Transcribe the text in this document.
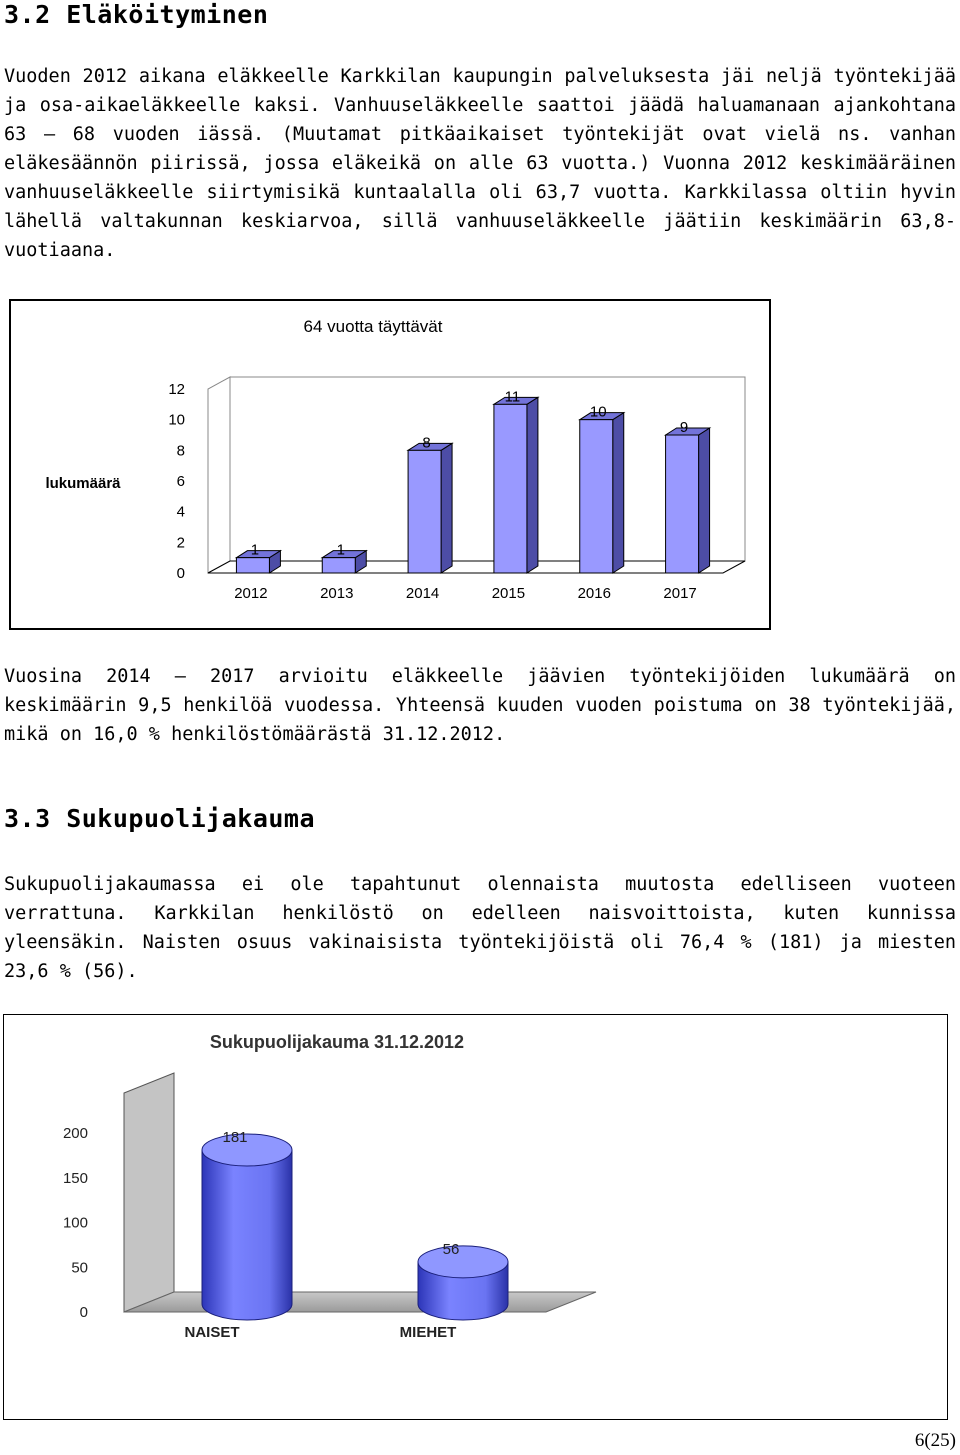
3.2 Eläköityminen

Vuoden 2012 aikana eläkkeelle Karkkilan kaupungin palveluksesta jäi neljä työntekijää ja osa-aikaeläkkeelle kaksi. Vanhuuseläkkeelle saattoi jäädä haluamanaan ajankohtana 63 – 68 vuoden iässä. (Muutamat pitkäaikaiset työntekijät ovat vielä ns. vanhan eläkesäännön piirissä, jossa eläkeikä on alle 63 vuotta.) Vuonna 2012 keskimääräinen vanhuuseläkkeelle siirtymisikä kuntaalalla oli 63,7 vuotta. Karkkilassa oltiin hyvin lähellä valtakunnan keskiarvoa, sillä vanhuuseläkkeelle jäätiin keskimäärin 63,8-vuotiaana.

64 vuotta täyttävät
lukumäärä
0
2
4
6
8
10
12
1
2012
1
2013
8
2014
11
2015
10
2016
9
2017

Vuosina 2014 – 2017 arvioitu eläkkeelle jäävien työntekijöiden lukumäärä on keskimäärin 9,5 henkilöä vuodessa. Yhteensä kuuden vuoden poistuma on 38 työntekijää, mikä on 16,0 % henkilöstömäärästä 31.12.2012.

3.3 Sukupuolijakauma

Sukupuolijakaumassa ei ole tapahtunut olennaista muutosta edelliseen vuoteen verrattuna. Karkkilan henkilöstö on edelleen naisvoittoista, kuten kunnissa yleensäkin. Naisten osuus vakinaisista työntekijöistä oli 76,4 % (181) ja miesten 23,6 % (56).

Sukupuolijakauma 31.12.2012
0
50
100
150
200	181
NAISET
56
MIEHET
6(25)
